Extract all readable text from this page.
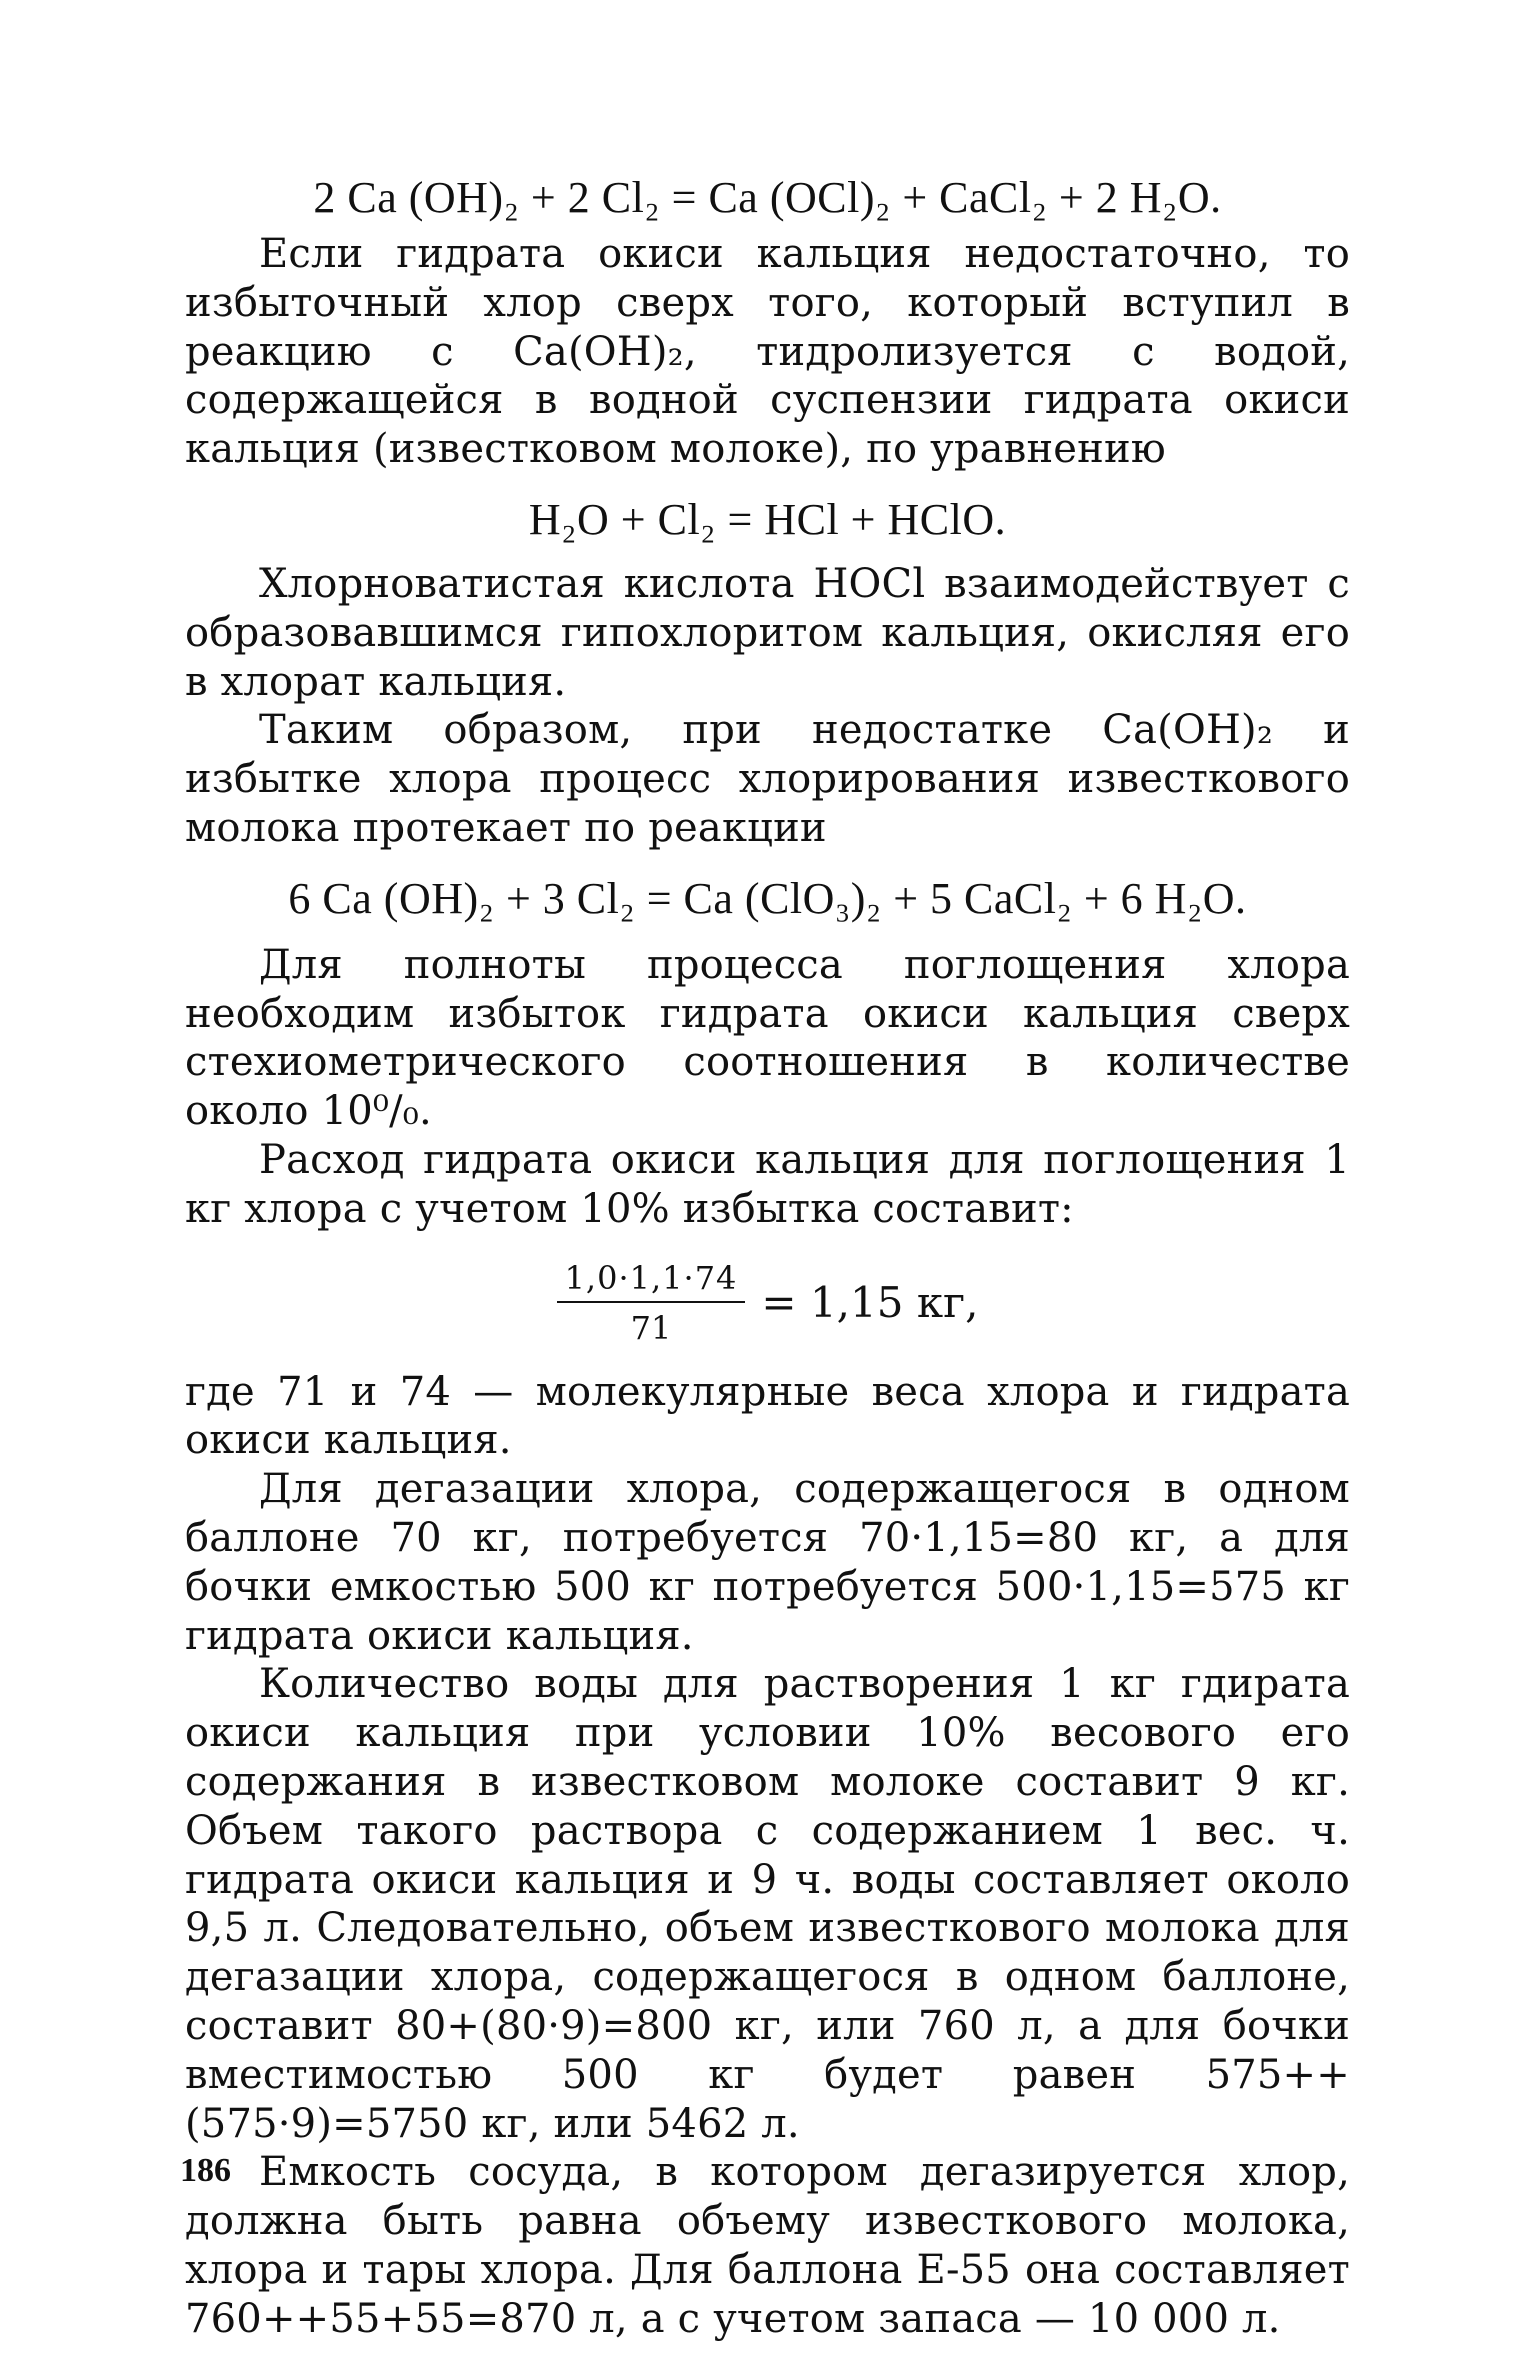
2 Ca (OH)₂ + 2 Cl₂ = Ca (OCl)₂ + CaCl₂ + 2 H₂O.

Если гидрата окиси кальция недостаточно, то избыточный хлор сверх того, который вступил в реакцию с Ca(OH)₂, тидролизуется с водой, содержащейся в водной суспензии гидрата окиси кальция (известковом молоке), по уравнению

H₂O + Cl₂ = HCl + HClO.

Хлорноватистая кислота HOCl взаимодействует с образовавшимся гипохлоритом кальция, окисляя его в хлорат кальция.

Таким образом, при недостатке Ca(OH)₂ и избытке хлора процесс хлорирования известкового молока протекает по реакции

6 Ca (OH)₂ + 3 Cl₂ = Ca (ClO₃)₂ + 5 CaCl₂ + 6 H₂O.

Для полноты процесса поглощения хлора необходим избыток гидрата окиси кальция сверх стехиометрического соотношения в количестве около 10⁰/₀.

Расход гидрата окиси кальция для поглощения 1 кг хлора с учетом 10% избытка составит:

$\frac{1,0\cdot 1,1\cdot 74}{71} = 1,15$ кг,

где 71 и 74 — молекулярные веса хлора и гидрата окиси кальция.

Для дегазации хлора, содержащегося в одном баллоне 70 кг, потребуется 70·1,15=80 кг, а для бочки емкостью 500 кг потребуется 500·1,15=575 кг гидрата окиси кальция.

Количество воды для растворения 1 кг гдирата окиси кальция при условии 10% весового его содержания в известковом молоке составит 9 кг. Объем такого раствора с содержанием 1 вес. ч. гидрата окиси кальция и 9 ч. воды составляет около 9,5 л. Следовательно, объем известкового молока для дегазации хлора, содержащегося в одном баллоне, составит 80+(80·9)=800 кг, или 760 л, а для бочки вместимостью 500 кг будет равен 575++(575·9)=5750 кг, или 5462 л.

Емкость сосуда, в котором дегазируется хлор, должна быть равна объему известкового молока, хлора и тары хлора. Для баллона Е-55 она составляет 760++55+55=870 л, а с учетом запаса — 10 000 л.

186
